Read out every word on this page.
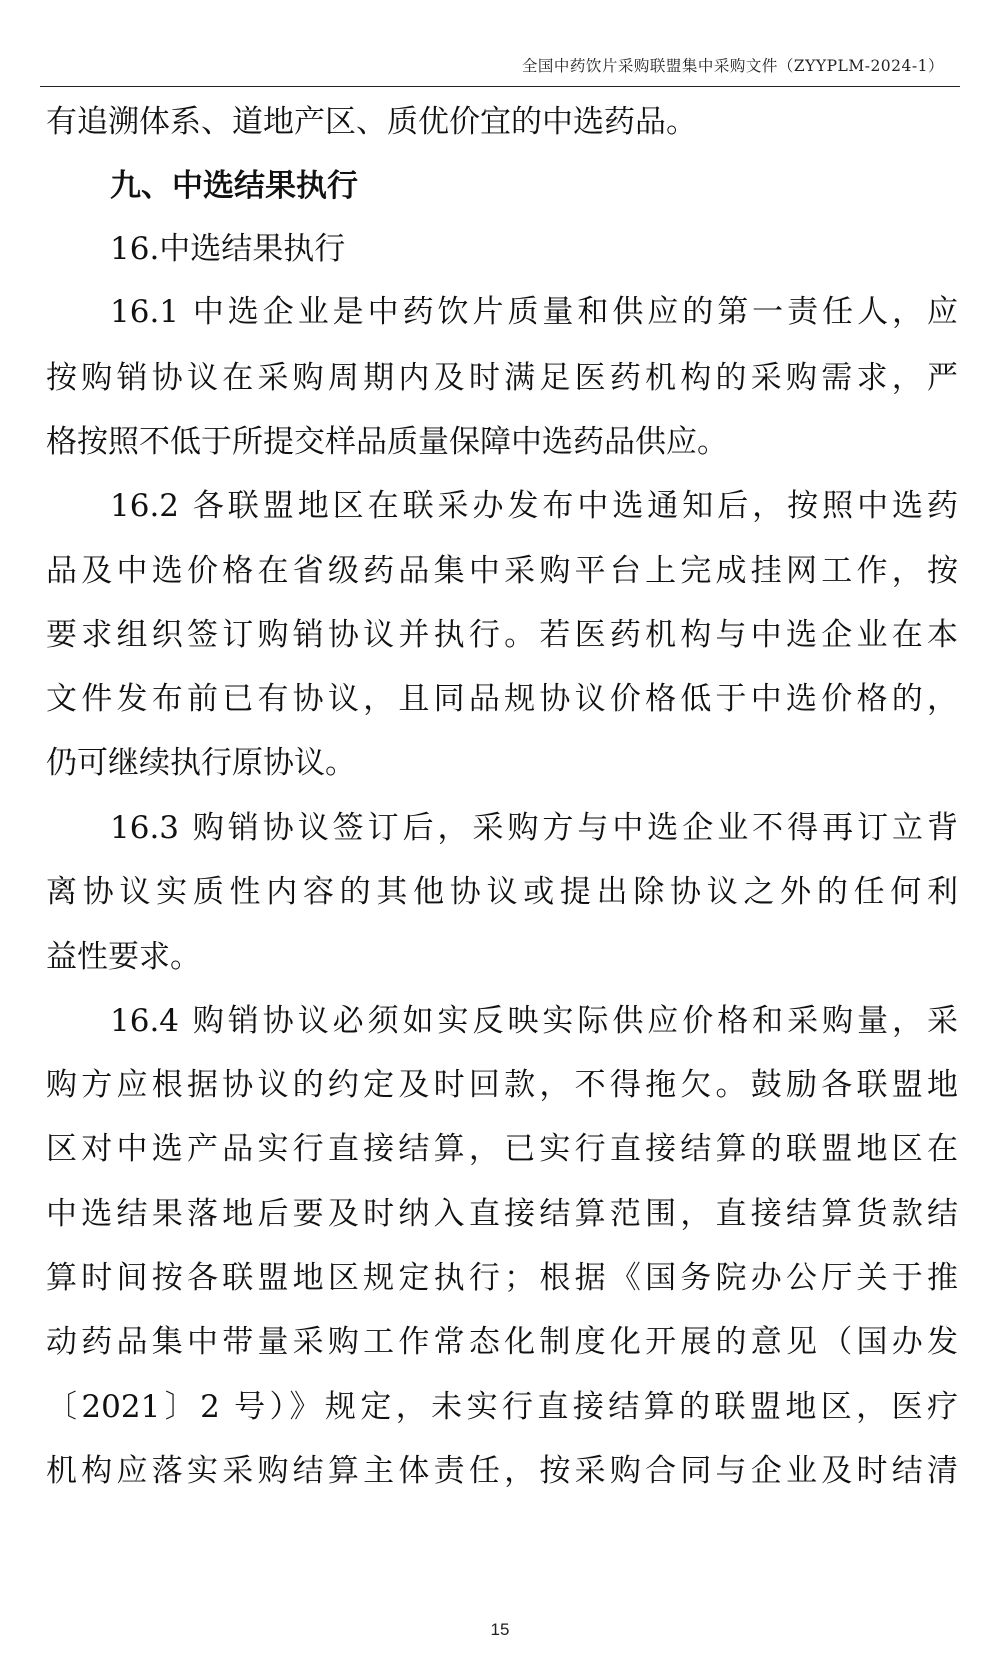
全国中药饮片采购联盟集中采购文件（ZYYPLM-2024-1）
有追溯体系、道地产区、质优价宜的中选药品。
九、中选结果执行
16.中选结果执行
16.1 中选企业是中药饮片质量和供应的第一责任人，应
按购销协议在采购周期内及时满足医药机构的采购需求，严
格按照不低于所提交样品质量保障中选药品供应。
16.2 各联盟地区在联采办发布中选通知后，按照中选药
品及中选价格在省级药品集中采购平台上完成挂网工作，按
要求组织签订购销协议并执行。若医药机构与中选企业在本
文件发布前已有协议，且同品规协议价格低于中选价格的，
仍可继续执行原协议。
16.3 购销协议签订后，采购方与中选企业不得再订立背
离协议实质性内容的其他协议或提出除协议之外的任何利
益性要求。
16.4 购销协议必须如实反映实际供应价格和采购量，采
购方应根据协议的约定及时回款，不得拖欠。鼓励各联盟地
区对中选产品实行直接结算，已实行直接结算的联盟地区在
中选结果落地后要及时纳入直接结算范围，直接结算货款结
算时间按各联盟地区规定执行；根据《国务院办公厅关于推
动药品集中带量采购工作常态化制度化开展的意见（国办发
〔2021〕2 号）》规定，未实行直接结算的联盟地区，医疗
机构应落实采购结算主体责任，按采购合同与企业及时结清
15
